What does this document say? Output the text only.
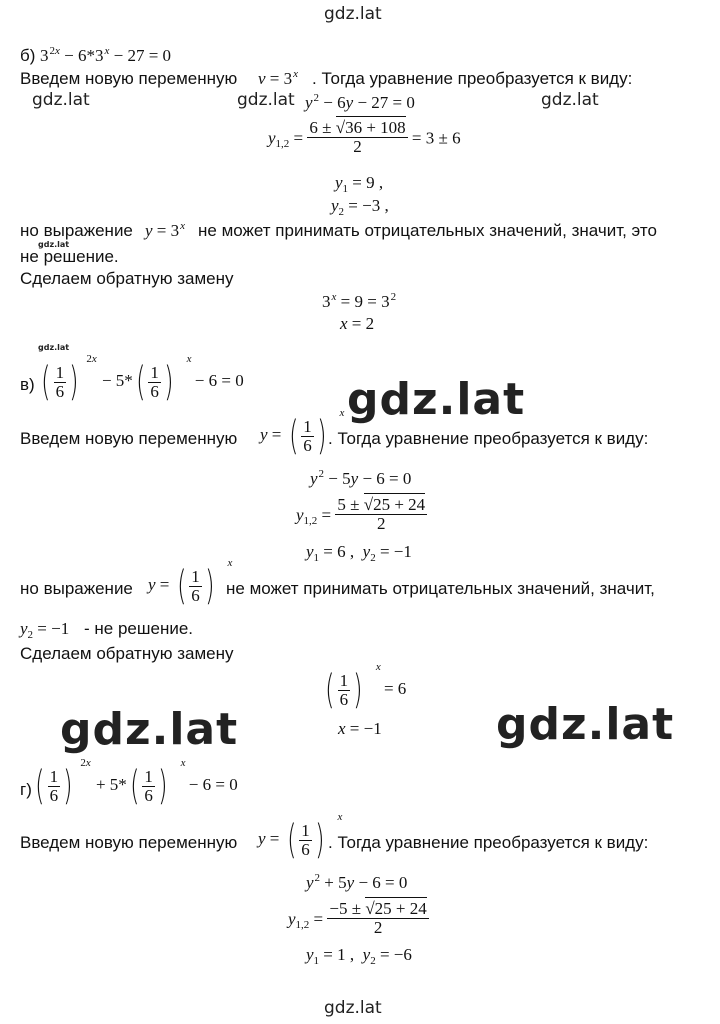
gdz.lat
gdz.lat	gdz.lat	gdz.lat
gdz.lat
gdz.lat
gdz.lat
gdz.lat	gdz.lat
gdz.lat
б) $3^{2x} - 6*3^x - 27 = 0$
Введем новую переменную $v = 3^x$ . Тогда уравнение преобразуется к виду:
$y^2 - 6y - 27 = 0$
$y_{1,2} = \frac{6 \pm √36 + 108}{2} = 3 \pm 6$
$y_1 = 9$ ,
$y_2 = -3$ ,
но выражение $y = 3^x$ не может принимать отрицательных значений, значит, это
не решение.
Сделаем обратную замену
$3^x = 9 = 3^2$
x = 2
в) ( $\frac{1}{6}$ ) 2x
− $5*( \frac{1}{6}$ ) x
− 6 = 0
Введем новую переменную y = ( $\frac{1}{6}$ ) x
. Тогда уравнение преобразуется к виду:
$y^2 - 5y - 6 = 0$
$y_{1,2} = \frac{5 \pm √25 + 24}{2}$
$y_1 = 6$ ,  $y_2 = -1$
но выражение y = ( $\frac{1}{6}$ ) x
не может принимать отрицательных значений, значит,
$y_2 = -1$ - не решение.
Сделаем обратную замену
( $\frac{1}{6}$ ) x
= 6
x = −1
г) ( $\frac{1}{6}$ ) 2x
+ $5*( \frac{1}{6}$ ) x
− 6 = 0
Введем новую переменную y = ( $\frac{1}{6}$ ) x
. Тогда уравнение преобразуется к виду:
$y^2 + 5y - 6 = 0$
$y_{1,2} = \frac{-5 \pm √25 + 24}{2}$
$y_1 = 1$ ,  $y_2 = -6$
